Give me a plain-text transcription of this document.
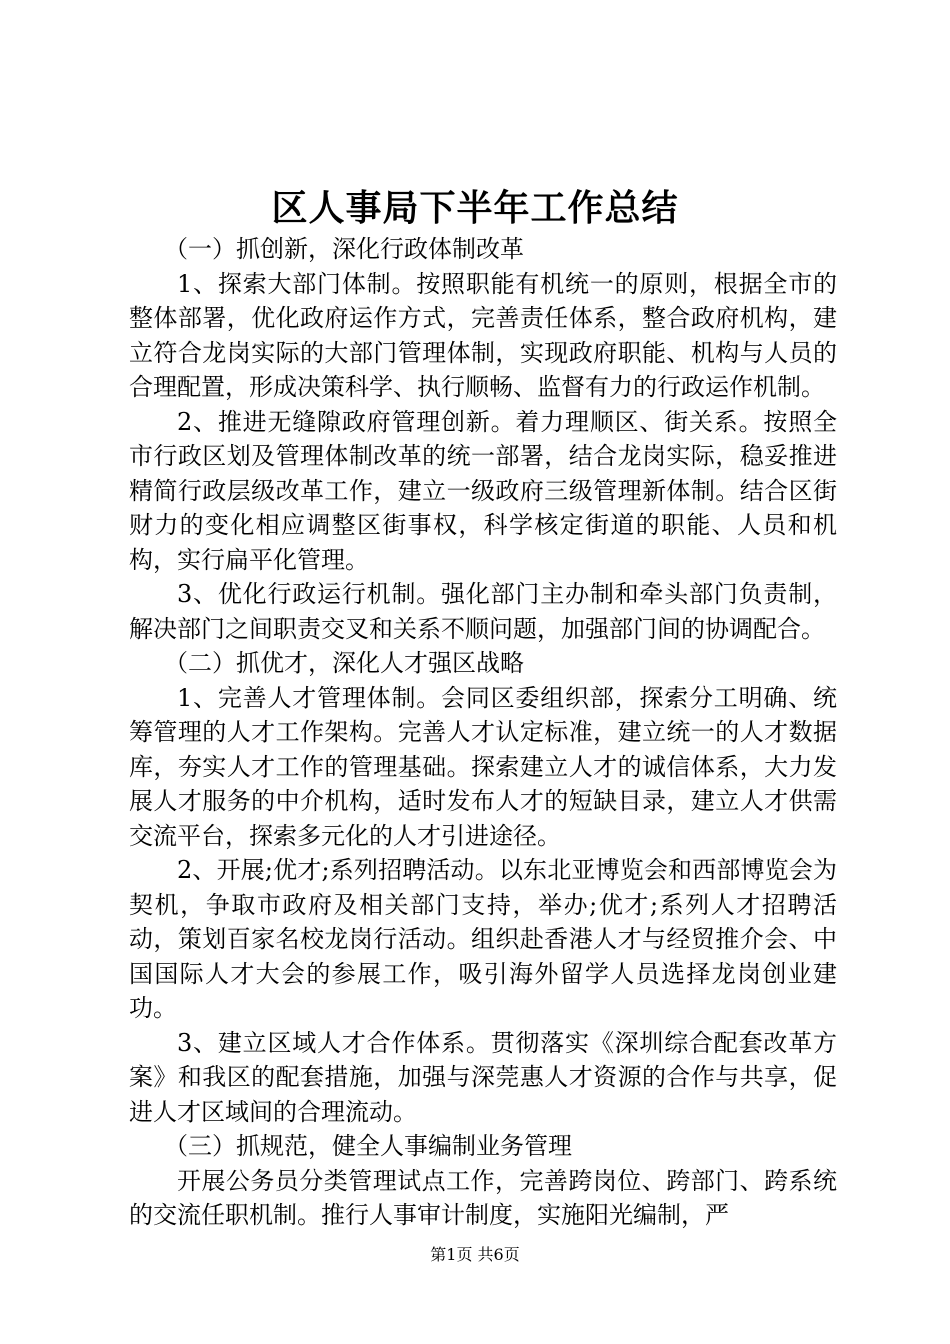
区人事局下半年工作总结
（一）抓创新，深化行政体制改革

1、探索大部门体制。按照职能有机统一的原则，根据全市的整体部署，优化政府运作方式，完善责任体系，整合政府机构，建立符合龙岗实际的大部门管理体制，实现政府职能、机构与人员的合理配置，形成决策科学、执行顺畅、监督有力的行政运作机制。

2、推进无缝隙政府管理创新。着力理顺区、街关系。按照全市行政区划及管理体制改革的统一部署，结合龙岗实际，稳妥推进精简行政层级改革工作，建立一级政府三级管理新体制。结合区街财力的变化相应调整区街事权，科学核定街道的职能、人员和机构，实行扁平化管理。

3、优化行政运行机制。强化部门主办制和牵头部门负责制，解决部门之间职责交叉和关系不顺问题，加强部门间的协调配合。

（二）抓优才，深化人才强区战略

1、完善人才管理体制。会同区委组织部，探索分工明确、统筹管理的人才工作架构。完善人才认定标准，建立统一的人才数据库，夯实人才工作的管理基础。探索建立人才的诚信体系，大力发展人才服务的中介机构，适时发布人才的短缺目录，建立人才供需交流平台，探索多元化的人才引进途径。

2、开展;优才;系列招聘活动。以东北亚博览会和西部博览会为契机，争取市政府及相关部门支持，举办;优才;系列人才招聘活动，策划百家名校龙岗行活动。组织赴香港人才与经贸推介会、中国国际人才大会的参展工作，吸引海外留学人员选择龙岗创业建功。

3、建立区域人才合作体系。贯彻落实《深圳综合配套改革方案》和我区的配套措施，加强与深莞惠人才资源的合作与共享，促进人才区域间的合理流动。

（三）抓规范，健全人事编制业务管理

开展公务员分类管理试点工作，完善跨岗位、跨部门、跨系统的交流任职机制。推行人事审计制度，实施阳光编制，严

第1页 共6页
